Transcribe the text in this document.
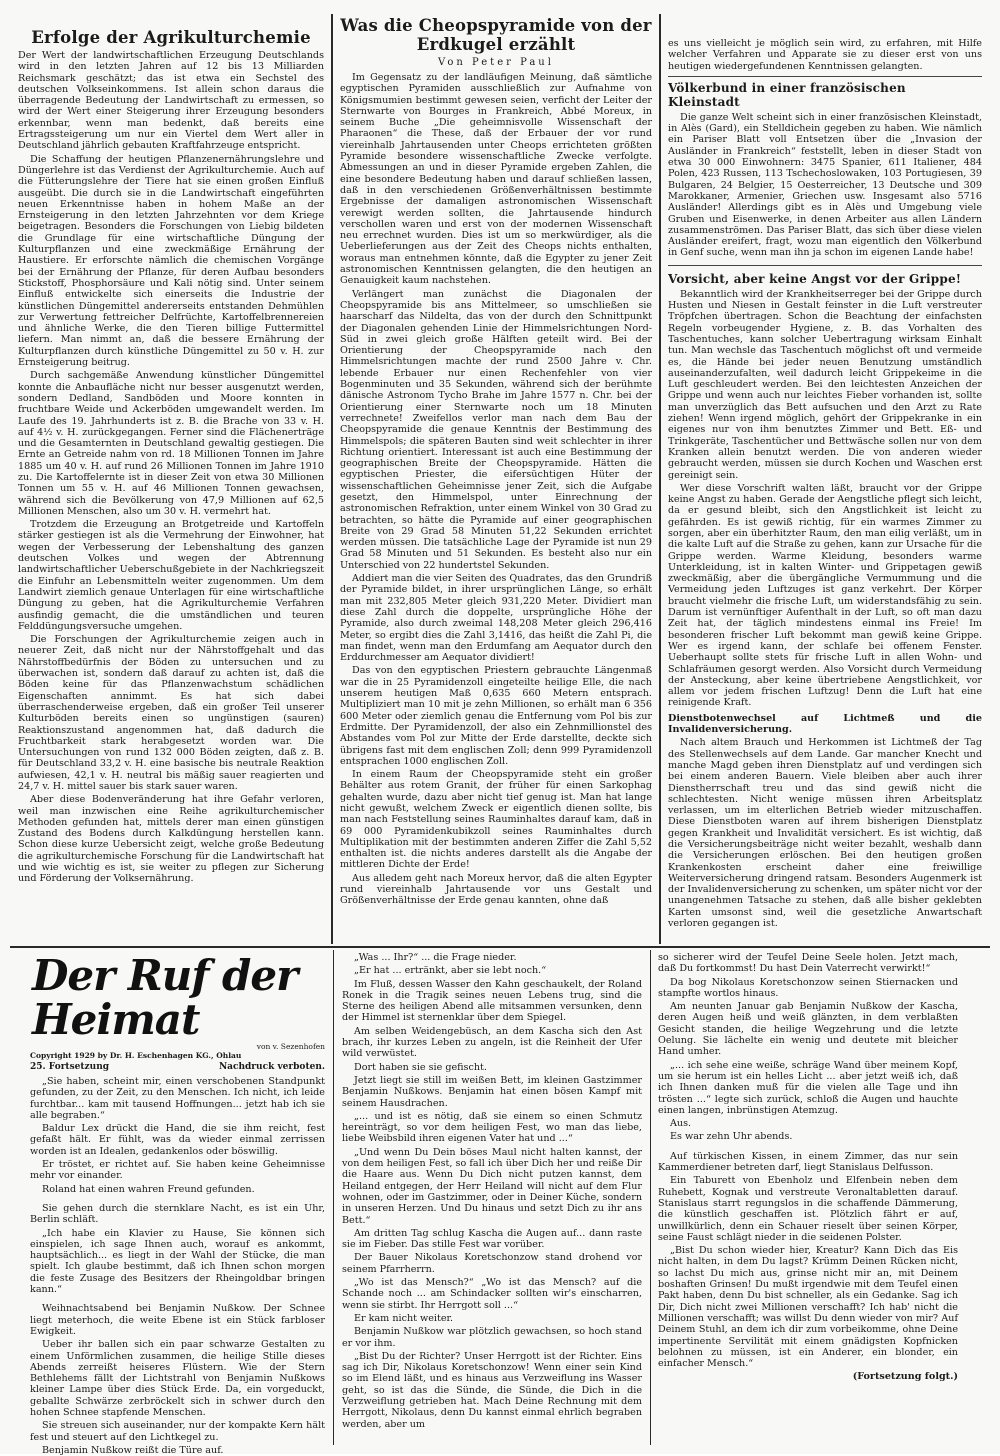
Erfolge der Agrikulturchemie

Der Wert der landwirtschaftlichen Erzeugung Deutschlands wird in den letzten Jahren auf 12 bis 13 Milliarden Reichsmark geschätzt; das ist etwa ein Sechstel des deutschen Volkseinkommens. Ist allein schon daraus die überragende Bedeutung der Landwirtschaft zu ermessen, so wird der Wert einer Steigerung ihrer Erzeugung besonders erkennbar, wenn man bedenkt, daß bereits eine Ertragssteigerung um nur ein Viertel dem Wert aller in Deutschland jährlich gebauten Kraftfahrzeuge entspricht.

Die Schaffung der heutigen Pflanzenernährungslehre und Düngerlehre ist das Verdienst der Agrikulturchemie. Auch auf die Fütterungslehre der Tiere hat sie einen großen Einfluß ausgeübt. Die durch sie in die Landwirtschaft eingeführten neuen Erkenntnisse haben in hohem Maße an der Ernsteigerung in den letzten Jahrzehnten vor dem Kriege beigetragen. Besonders die Forschungen von Liebig bildeten die Grundlage für eine wirtschaftliche Düngung der Kulturpflanzen und eine zweckmäßige Ernährung der Haustiere. Er erforschte nämlich die chemischen Vorgänge bei der Ernährung der Pflanze, für deren Aufbau besonders Stickstoff, Phosphorsäure und Kali nötig sind. Unter seinem Einfluß entwickelte sich einerseits die Industrie der künstlichen Düngemittel andererseits entstanden Dehmühlen zur Verwertung fettreicher Delfrüchte, Kartoffelbrennereien und ähnliche Werke, die den Tieren billige Futtermittel liefern. Man nimmt an, daß die bessere Ernährung der Kulturpflanzen durch künstliche Düngemittel zu 50 v. H. zur Ernsteigerung beitrug.

Durch sachgemäße Anwendung künstlicher Düngemittel konnte die Anbaufläche nicht nur besser ausgenutzt werden, sondern Dedland, Sandböden und Moore konnten in fruchtbare Weide und Ackerböden umgewandelt werden. Im Laufe des 19. Jahrhunderts ist z. B. die Brache von 33 v. H. auf 4½ v. H. zurückgegangen. Ferner sind die Flächenerträge und die Gesamternten in Deutschland gewaltig gestiegen. Die Ernte an Getreide nahm von rd. 18 Millionen Tonnen im Jahre 1885 um 40 v. H. auf rund 26 Millionen Tonnen im Jahre 1910 zu. Die Kartoffelernte ist in dieser Zeit von etwa 30 Millionen Tonnen um 55 v. H. auf 46 Millionen Tonnen gewachsen, während sich die Bevölkerung von 47,9 Millionen auf 62,5 Millionen Menschen, also um 30 v. H. vermehrt hat.

Trotzdem die Erzeugung an Brotgetreide und Kartoffeln stärker gestiegen ist als die Vermehrung der Einwohner, hat wegen der Verbesserung der Lebenshaltung des ganzen deutschen Volkes und wegen der Abtrennung landwirtschaftlicher Ueberschußgebiete in der Nachkriegszeit die Einfuhr an Lebensmitteln weiter zugenommen. Um dem Landwirt ziemlich genaue Unterlagen für eine wirtschaftliche Düngung zu geben, hat die Agrikulturchemie Verfahren ausfindig gemacht, die die umständlichen und teuren Felddüngungsversuche umgehen.

Die Forschungen der Agrikulturchemie zeigen auch in neuerer Zeit, daß nicht nur der Nährstoffgehalt und das Nährstoffbedürfnis der Böden zu untersuchen und zu überwachen ist, sondern daß darauf zu achten ist, daß die Böden keine für das Pflanzenwachstum schädlichen Eigenschaften annimmt. Es hat sich dabei überraschenderweise ergeben, daß ein großer Teil unserer Kulturböden bereits einen so ungünstigen (sauren) Reaktionszustand angenommen hat, daß dadurch die Fruchtbarkeit stark herabgesetzt worden war. Die Untersuchungen von rund 132 000 Böden zeigten, daß z. B. für Deutschland 33,2 v. H. eine basische bis neutrale Reaktion aufwiesen, 42,1 v. H. neutral bis mäßig sauer reagierten und 24,7 v. H. mittel sauer bis stark sauer waren.

Aber diese Bodenveränderung hat ihre Gefahr verloren, weil man inzwischen eine Reihe agrikulturchemischer Methoden gefunden hat, mittels derer man einen günstigen Zustand des Bodens durch Kalkdüngung herstellen kann. Schon diese kurze Uebersicht zeigt, welche große Bedeutung die agrikulturchemische Forschung für die Landwirtschaft hat und wie wichtig es ist, sie weiter zu pflegen zur Sicherung und Förderung der Volksernährung.

Was die Cheopspyramide von der Erdkugel erzählt
Von Peter Paul

Im Gegensatz zu der landläufigen Meinung, daß sämtliche egyptischen Pyramiden ausschließlich zur Aufnahme von Königsmumien bestimmt gewesen seien, verficht der Leiter der Sternwarte von Bourges in Frankreich, Abbé Moreux, in seinem Buche „Die geheimnisvolle Wissenschaft der Pharaonen“ die These, daß der Erbauer der vor rund viereinhalb Jahrtausenden unter Cheops errichteten größten Pyramide besondere wissenschaftliche Zwecke verfolgte. Abmessungen an und in dieser Pyramide ergeben Zahlen, die eine besondere Bedeutung haben und darauf schließen lassen, daß in den verschiedenen Größenverhältnissen bestimmte Ergebnisse der damaligen astronomischen Wissenschaft verewigt werden sollten, die Jahrtausende hindurch verschollen waren und erst von der modernen Wissenschaft neu errechnet wurden. Dies ist um so merkwürdiger, als die Ueberlieferungen aus der Zeit des Cheops nichts enthalten, woraus man entnehmen könnte, daß die Egypter zu jener Zeit astronomischen Kenntnissen gelangten, die den heutigen an Genauigkeit kaum nachstehen.

Verlängert man zunächst die Diagonalen der Cheopspyramide bis ans Mittelmeer, so umschließen sie haarscharf das Nildelta, das von der durch den Schnittpunkt der Diagonalen gehenden Linie der Himmelsrichtungen Nord-Süd in zwei gleich große Hälften geteilt wird. Bei der Orientierung der Cheopspyramide nach den Himmelsrichtungen machte der rund 2500 Jahre v. Chr. lebende Erbauer nur einen Rechenfehler von vier Bogenminuten und 35 Sekunden, während sich der berühmte dänische Astronom Tycho Brahe im Jahre 1577 n. Chr. bei der Orientierung einer Sternwarte noch um 18 Minuten verrechnete! Zweifellos verlor man nach dem Bau der Cheopspyramide die genaue Kenntnis der Bestimmung des Himmelspols; die späteren Bauten sind weit schlechter in ihrer Richtung orientiert. Interessant ist auch eine Bestimmung der geographischen Breite der Cheopspyramide. Hätten die egyptischen Priester, die eifersüchtigen Hüter der wissenschaftlichen Geheimnisse jener Zeit, sich die Aufgabe gesetzt, den Himmelspol, unter Einrechnung der astronomischen Refraktion, unter einem Winkel von 30 Grad zu betrachten, so hätte die Pyramide auf einer geographischen Breite von 29 Grad 58 Minuten 51,22 Sekunden errichtet werden müssen. Die tatsächliche Lage der Pyramide ist nun 29 Grad 58 Minuten und 51 Sekunden. Es besteht also nur ein Unterschied von 22 hundertstel Sekunden.

Addiert man die vier Seiten des Quadrates, das den Grundriß der Pyramide bildet, in ihrer ursprünglichen Länge, so erhält man mit 232,805 Meter gleich 931,220 Meter. Dividiert man diese Zahl durch die doppelte, ursprüngliche Höhe der Pyramide, also durch zweimal 148,208 Meter gleich 296,416 Meter, so ergibt dies die Zahl 3,1416, das heißt die Zahl Pi, die man findet, wenn man den Erdumfang am Aequator durch den Erddurchmesser am Aequator dividiert!

Das von den egyptischen Priestern gebrauchte Längenmaß war die in 25 Pyramidenzoll eingeteilte heilige Elle, die nach unserem heutigen Maß 0,635 660 Metern entsprach. Multipliziert man 10 mit je zehn Millionen, so erhält man 6 356 600 Meter oder ziemlich genau die Entfernung vom Pol bis zur Erdmitte. Der Pyramidenzoll, der also ein Zehnmillionstel des Abstandes vom Pol zur Mitte der Erde darstellte, deckte sich übrigens fast mit dem englischen Zoll; denn 999 Pyramidenzoll entsprachen 1000 englischen Zoll.

In einem Raum der Cheopspyramide steht ein großer Behälter aus rotem Granit, der früher für einen Sarkophag gehalten wurde, dazu aber nicht tief genug ist. Man hat lange nicht gewußt, welchem Zweck er eigentlich dienen sollte, bis man nach Feststellung seines Rauminhaltes darauf kam, daß in 69 000 Pyramidenkubikzoll seines Rauminhaltes durch Multiplikation mit der bestimmten anderen Ziffer die Zahl 5,52 enthalten ist. die nichts anderes darstellt als die Angabe der mittleren Dichte der Erde!

Aus alledem geht nach Moreux hervor, daß die alten Egypter rund viereinhalb Jahrtausende vor uns Gestalt und Größenverhältnisse der Erde genau kannten, ohne daß

es uns vielleicht je möglich sein wird, zu erfahren, mit Hilfe welcher Verfahren und Apparate sie zu dieser erst von uns heutigen wiedergefundenen Kenntnissen gelangten.

Völkerbund in einer französischen Kleinstadt

Die ganze Welt scheint sich in einer französischen Kleinstadt, in Alès (Gard), ein Stelldichein gegeben zu haben. Wie nämlich ein Pariser Blatt voll Entsetzen über die „Invasion der Ausländer in Frankreich“ feststellt, leben in dieser Stadt von etwa 30 000 Einwohnern: 3475 Spanier, 611 Italiener, 484 Polen, 423 Russen, 113 Tschechoslowaken, 103 Portugiesen, 39 Bulgaren, 24 Belgier, 15 Oesterreicher, 13 Deutsche und 309 Marokkaner, Armenier, Griechen usw. Insgesamt also 5716 Ausländer! Allerdings gibt es in Alès und Umgebung viele Gruben und Eisenwerke, in denen Arbeiter aus allen Ländern zusammenströmen. Das Pariser Blatt, das sich über diese vielen Ausländer ereifert, fragt, wozu man eigentlich den Völkerbund in Genf suche, wenn man ihn ja schon im eigenen Lande habe!

Vorsicht, aber keine Angst vor der Grippe!

Bekanntlich wird der Krankheitserreger bei der Grippe durch Husten und Niesen in Gestalt feinster in die Luft verstreuter Tröpfchen übertragen. Schon die Beachtung der einfachsten Regeln vorbeugender Hygiene, z. B. das Vorhalten des Taschentuches, kann solcher Uebertragung wirksam Einhalt tun. Man wechsle das Taschentuch möglichst oft und vermeide es, die Hände bei jeder neuen Benutzung umständlich auseinanderzufalten, weil dadurch leicht Grippekeime in die Luft geschleudert werden. Bei den leichtesten Anzeichen der Grippe und wenn auch nur leichtes Fieber vorhanden ist, sollte man unverzüglich das Bett aufsuchen und den Arzt zu Rate ziehen! Wenn irgend möglich, gehört der Grippekranke in ein eigenes nur von ihm benutztes Zimmer und Bett. Eß- und Trinkgeräte, Taschentücher und Bettwäsche sollen nur von dem Kranken allein benutzt werden. Die von anderen wieder gebraucht werden, müssen sie durch Kochen und Waschen erst gereinigt sein.

Wer diese Vorschrift walten läßt, braucht vor der Grippe keine Angst zu haben. Gerade der Aengstliche pflegt sich leicht, da er gesund bleibt, sich den Angstlichkeit ist leicht zu gefährden. Es ist gewiß richtig, für ein warmes Zimmer zu sorgen, aber ein überhitzter Raum, den man eilig verläßt, um in die kalte Luft auf die Straße zu gehen, kann zur Ursache für die Grippe werden. Warme Kleidung, besonders warme Unterkleidung, ist in kalten Winter- und Grippetagen gewiß zweckmäßig, aber die übergängliche Vermummung und die Vermeidung jeden Luftzuges ist ganz verkehrt. Der Körper braucht vielmehr die frische Luft, um widerstandsfähig zu sein. Darum ist vernünftiger Aufenthalt in der Luft, so oft man dazu Zeit hat, der täglich mindestens einmal ins Freie! Im besonderen frischer Luft bekommt man gewiß keine Grippe. Wer es irgend kann, der schlafe bei offenem Fenster. Ueberhaupt sollte stets für frische Luft in allen Wohn- und Schlafräumen gesorgt werden. Also Vorsicht durch Vermeidung der Ansteckung, aber keine übertriebene Aengstlichkeit, vor allem vor jedem frischen Luftzug! Denn die Luft hat eine reinigende Kraft.

Dienstbotenwechsel auf Lichtmeß und die Invalidenversicherung.

Nach altem Brauch und Herkommen ist Lichtmeß der Tag des Stellenwechsels auf dem Lande. Gar mancher Knecht und manche Magd geben ihren Dienstplatz auf und verdingen sich bei einem anderen Bauern. Viele bleiben aber auch ihrer Dienstherrschaft treu und das sind gewiß nicht die schlechtesten. Nicht wenige müssen ihren Arbeitsplatz verlassen, um im elterlichen Betrieb wieder mitzuschaffen. Diese Dienstboten waren auf ihrem bisherigen Dienstplatz gegen Krankheit und Invalidität versichert. Es ist wichtig, daß die Versicherungsbeiträge nicht weiter bezahlt, weshalb dann die Versicherungen erlöschen. Bei den heutigen großen Krankenkosten erscheint daher eine freiwillige Weiterversicherung dringend ratsam. Besonders Augenmerk ist der Invalidenversicherung zu schenken, um später nicht vor der unangenehmen Tatsache zu stehen, daß alle bisher geklebten Karten umsonst sind, weil die gesetzliche Anwartschaft verloren gegangen ist.

Der Ruf der Heimat
von v. Sezenhofen
Copyright 1929 by Dr. H. Eschenhagen KG., Ohlau
25. Fortsetzung	Nachdruck verboten.

„Sie haben, scheint mir, einen verschobenen Standpunkt gefunden, zu der Zeit, zu den Menschen. Ich nicht, ich leide furchtbar... kam mit tausend Hoffnungen... jetzt hab ich sie alle begraben.“

Baldur Lex drückt die Hand, die sie ihm reicht, fest gefaßt hält. Er fühlt, was da wieder einmal zerrissen worden ist an Idealen, gedankenlos oder böswillig.

Er tröstet, er richtet auf. Sie haben keine Geheimnisse mehr vor einander.

Roland hat einen wahren Freund gefunden.

Sie gehen durch die sternklare Nacht, es ist ein Uhr, Berlin schläft.

„Ich habe ein Klavier zu Hause, Sie können sich einspielen, ich sage Ihnen auch, worauf es ankommt, hauptsächlich... es liegt in der Wahl der Stücke, die man spielt. Ich glaube bestimmt, daß ich Ihnen schon morgen die feste Zusage des Besitzers der Rheingoldbar bringen kann.“

Weihnachtsabend bei Benjamin Nußkow. Der Schnee liegt meterhoch, die weite Ebene ist ein Stück farbloser Ewigkeit.

Ueber ihr ballen sich ein paar schwarze Gestalten zu einem Unförmlichen zusammen, die heilige Stille dieses Abends zerreißt heiseres Flüstern. Wie der Stern Bethlehems fällt der Lichtstrahl von Benjamin Nußkows kleiner Lampe über dies Stück Erde. Da, ein vorgeduckt, geballte Schwärze zerbröckelt sich in schwer durch den hohen Schnee stapfende Menschen.

Sie streuen sich auseinander, nur der kompakte Kern hält fest und steuert auf den Lichtkegel zu.

Benjamin Nußkow reißt die Türe auf.

„Was ... Ihr?“ ... die Frage nieder.

„Er hat ... ertränkt, aber sie lebt noch.“

Im Fluß, dessen Wasser den Kahn geschaukelt, der Roland Ronek in die Tragik seines neuen Lebens trug, sind die Sterne des heiligen Abend alle mitsammen versunken, denn der Himmel ist sternenklar über dem Spiegel.

Am selben Weidengebüsch, an dem Kascha sich den Ast brach, ihr kurzes Leben zu angeln, ist die Reinheit der Ufer wild verwüstet.

Dort haben sie sie gefischt.

Jetzt liegt sie still im weißen Bett, im kleinen Gastzimmer Benjamin Nußkows. Benjamin hat einen bösen Kampf mit seinem Hausdrachen.

„... und ist es nötig, daß sie einem so einen Schmutz hereinträgt, so vor dem heiligen Fest, wo man das liebe, liebe Weibsbild ihren eigenen Vater hat und ...“

„Und wenn Du Dein böses Maul nicht halten kannst, der von dem heiligen Fest, so fall ich über Dich her und reiße Dir die Haare aus. Wenn Du Dich nicht putzen kannst, dem Heiland entgegen, der Herr Heiland will nicht auf dem Flur wohnen, oder im Gastzimmer, oder in Deiner Küche, sondern in unseren Herzen. Und Du hinaus und setzt Dich zu ihr ans Bett.“

Am dritten Tag schlug Kascha die Augen auf... dann raste sie im Fieber. Das stille Fest war vorüber.

Der Bauer Nikolaus Koretschonzow stand drohend vor seinem Pfarrherrn.

„Wo ist das Mensch?“ „Wo ist das Mensch? auf die Schande noch ... am Schindacker sollten wir's einscharren, wenn sie stirbt. Ihr Herrgott soll ...“

Er kam nicht weiter.

Benjamin Nußkow war plötzlich gewachsen, so hoch stand er vor ihm.

„Bist Du der Richter? Unser Herrgott ist der Richter. Eins sag ich Dir, Nikolaus Koretschonzow! Wenn einer sein Kind so im Elend läßt, und es hinaus aus Verzweiflung ins Wasser geht, so ist das die Sünde, die Sünde, die Dich in die Verzweiflung getrieben hat. Mach Deine Rechnung mit dem Herrgott, Nikolaus, denn Du kannst einmal ehrlich begraben werden, aber um

so sicherer wird der Teufel Deine Seele holen. Jetzt mach, daß Du fortkommst! Du hast Dein Vaterrecht verwirkt!“

Da bog Nikolaus Koretschonzow seinen Stiernacken und stampfte wortlos hinaus.

Am neunten Januar gab Benjamin Nußkow der Kascha, deren Augen heiß und weiß glänzten, in dem verblaßten Gesicht standen, die heilige Wegzehrung und die letzte Oelung. Sie lächelte ein wenig und deutete mit bleicher Hand umher.

„... ich sehe eine weiße, schräge Wand über meinem Kopf, um sie herum ist ein helles Licht ... aber jetzt weiß ich, daß ich Ihnen danken muß für die vielen alle Tage und ihn trösten ...“ legte sich zurück, schloß die Augen und hauchte einen langen, inbrünstigen Atemzug.

Aus.

Es war zehn Uhr abends.

Auf türkischen Kissen, in einem Zimmer, das nur sein Kammerdiener betreten darf, liegt Stanislaus Delfusson.

Ein Taburett von Ebenholz und Elfenbein neben dem Ruhebett, Kognak und verstreute Veronaltabletten darauf. Stanislaus starrt regungslos in die schaffende Dämmerung, die künstlich geschaffen ist. Plötzlich fährt er auf, unwillkürlich, denn ein Schauer rieselt über seinen Körper, seine Faust schlägt nieder in die seidenen Polster.

„Bist Du schon wieder hier, Kreatur? Kann Dich das Eis nicht halten, in dem Du lagst? Krümm Deinen Rücken nicht, so lachst Du mich aus, grinse nicht mir an, mit Deinem boshaften Grinsen! Du mußt irgendwie mit dem Teufel einen Pakt haben, denn Du bist schneller, als ein Gedanke. Sag ich Dir, Dich nicht zwei Millionen verschafft? Ich hab' nicht die Millionen verschafft; was willst Du denn wieder von mir? Auf Deinem Stuhl, an dem ich dir zum vorbeikomme, ohne Deine impertinente Servilität mit einem gnädigsten Kopfnicken belohnen zu müssen, ist ein Anderer, ein blonder, ein einfacher Mensch.“

(Fortsetzung folgt.)
